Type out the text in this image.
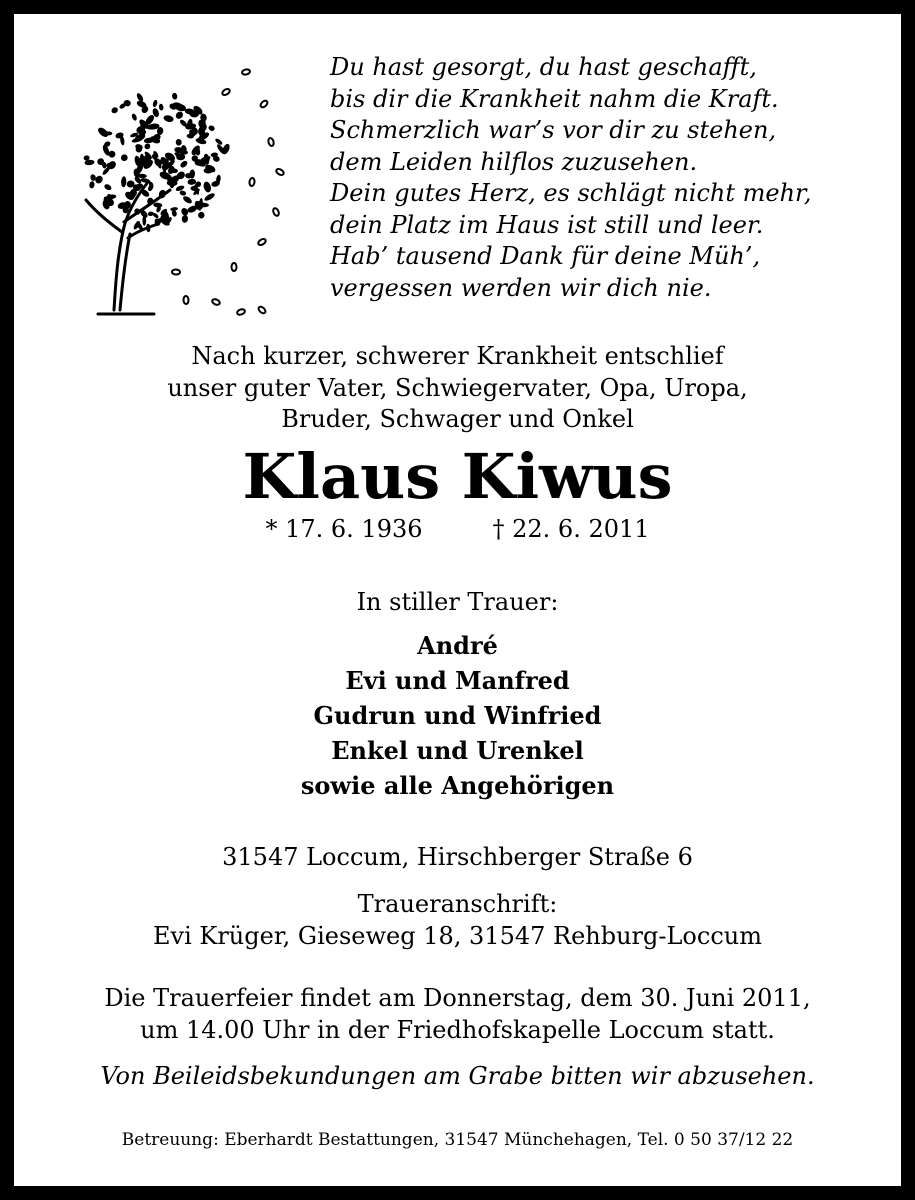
Du hast gesorgt, du hast geschafft,
bis dir die Krankheit nahm die Kraft.
Schmerzlich war’s vor dir zu stehen,
dem Leiden hilflos zuzusehen.
Dein gutes Herz, es schlägt nicht mehr,
dein Platz im Haus ist still und leer.
Hab’ tausend Dank für deine Müh’,
vergessen werden wir dich nie.
Nach kurzer, schwerer Krankheit entschlief
unser guter Vater, Schwiegervater, Opa, Uropa,
Bruder, Schwager und Onkel
Klaus Kiwus
* 17. 6. 1936	† 22. 6. 2011
In stiller Trauer:
André
Evi und Manfred
Gudrun und Winfried
Enkel und Urenkel
sowie alle Angehörigen
31547 Loccum, Hirschberger Straße 6
Traueranschrift:
Evi Krüger, Gieseweg 18, 31547 Rehburg-Loccum
Die Trauerfeier findet am Donnerstag, dem 30. Juni 2011,
um 14.00 Uhr in der Friedhofskapelle Loccum statt.
Von Beileidsbekundungen am Grabe bitten wir abzusehen.
Betreuung: Eberhardt Bestattungen, 31547 Münchehagen, Tel. 0 50 37/12 22
